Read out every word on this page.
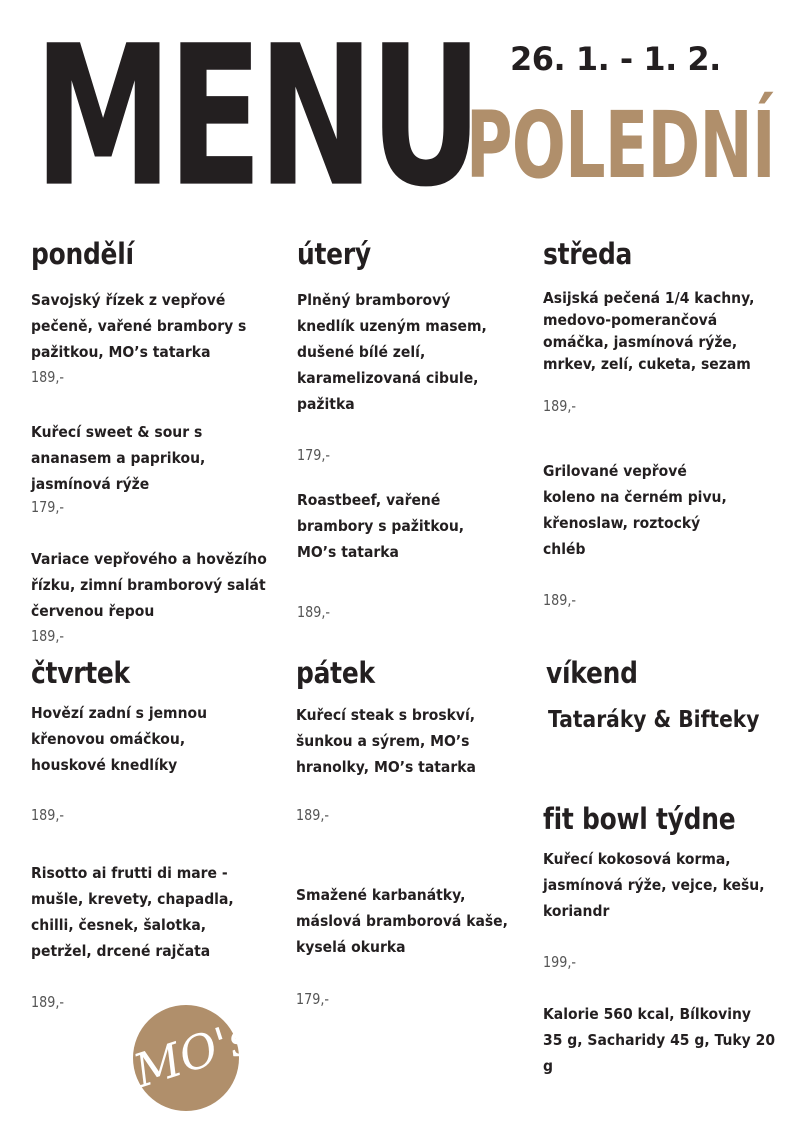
MENU 26. 1. - 1. 2.
POLEDNÍ
pondělí
Savojský řízek z vepřové
pečeně, vařené brambory s
pažitkou, MO’s tatarka
189,-
Kuřecí sweet & sour s
ananasem a paprikou,
jasmínová rýže
179,-
Variace vepřového a hovězího
řízku, zimní bramborový salát
červenou řepou
189,-
úterý
Plněný bramborový
knedlík uzeným masem,
dušené bílé zelí,
karamelizovaná cibule,
pažitka
179,-
Roastbeef, vařené
brambory s pažitkou,
MO’s tatarka
189,-
středa
Asijská pečená 1/4 kachny,
medovo-pomerančová
omáčka, jasmínová rýže,
mrkev, zelí, cuketa, sezam
189,-
Grilované vepřové
koleno na černém pivu,
křenoslaw, roztocký
chléb
189,-
čtvrtek
Hovězí zadní s jemnou
křenovou omáčkou,
houskové knedlíky
189,-
Risotto ai frutti di mare -
mušle, krevety, chapadla,
chilli, česnek, šalotka,
petržel, drcené rajčata
189,-
pátek
Kuřecí steak s broskví,
šunkou a sýrem, MO’s
hranolky, MO’s tatarka
189,-
Smažené karbanátky,
máslová bramborová kaše,
kyselá okurka
179,-
víkend
Tataráky & Bifteky
fit bowl týdne
Kuřecí kokosová korma,
jasmínová rýže, vejce, kešu,
koriandr
199,-
Kalorie 560 kcal, Bílkoviny
35 g, Sacharidy 45 g, Tuky 20
g
MO's
